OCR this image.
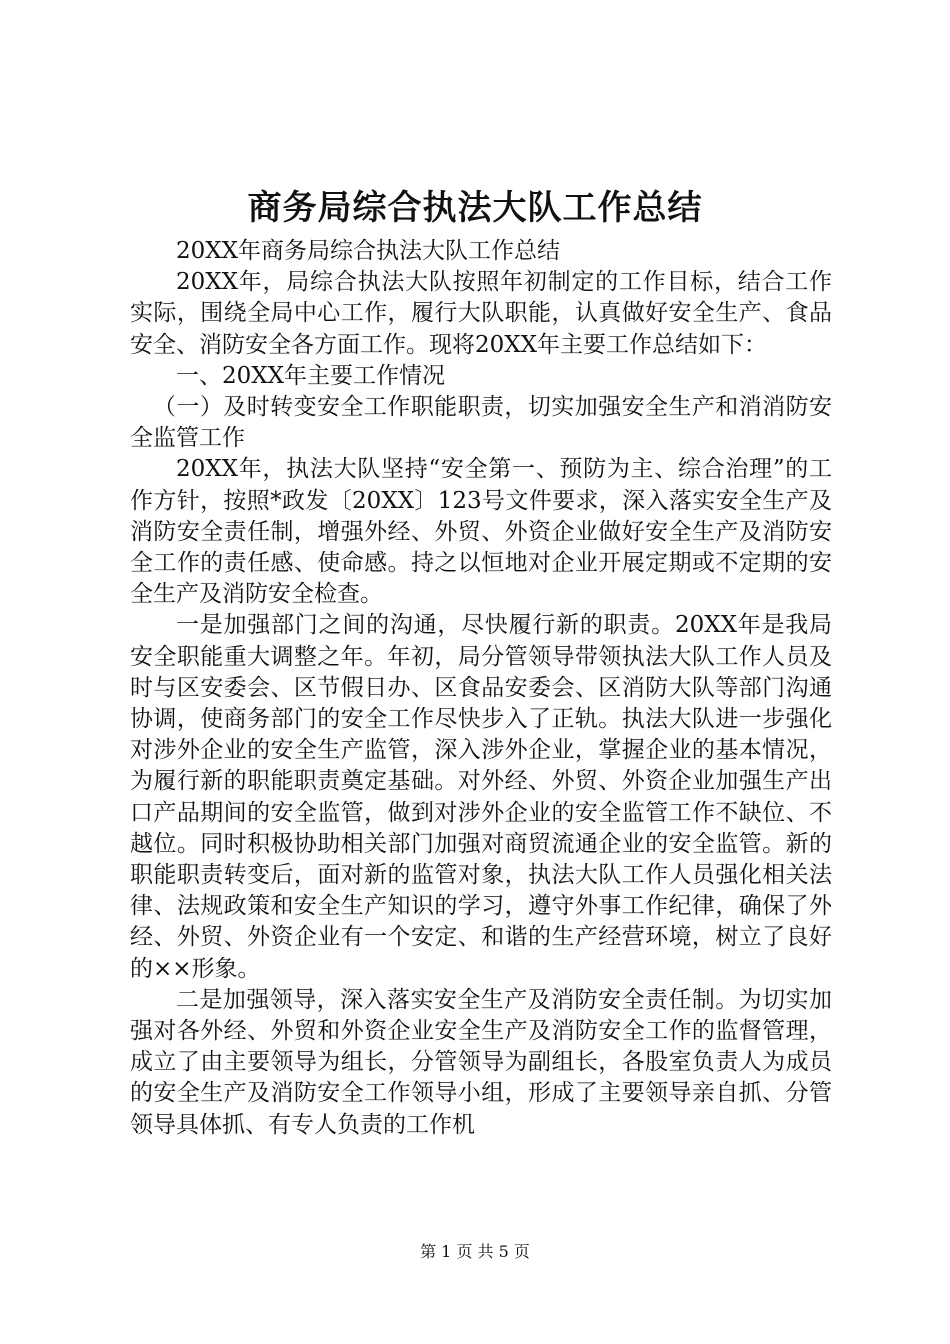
商务局综合执法大队工作总结

20XX年商务局综合执法大队工作总结

20XX年，局综合执法大队按照年初制定的工作目标，结合工作实际，围绕全局中心工作，履行大队职能，认真做好安全生产、食品安全、消防安全各方面工作。现将20XX年主要工作总结如下：

一、20XX年主要工作情况

（一）及时转变安全工作职能职责，切实加强安全生产和消消防安全监管工作

20XX年，执法大队坚持“安全第一、预防为主、综合治理”的工作方针，按照*政发〔20XX〕123号文件要求，深入落实安全生产及消防安全责任制，增强外经、外贸、外资企业做好安全生产及消防安全工作的责任感、使命感。持之以恒地对企业开展定期或不定期的安全生产及消防安全检查。

一是加强部门之间的沟通，尽快履行新的职责。20XX年是我局安全职能重大调整之年。年初，局分管领导带领执法大队工作人员及时与区安委会、区节假日办、区食品安委会、区消防大队等部门沟通协调，使商务部门的安全工作尽快步入了正轨。执法大队进一步强化对涉外企业的安全生产监管，深入涉外企业，掌握企业的基本情况，为履行新的职能职责奠定基础。对外经、外贸、外资企业加强生产出口产品期间的安全监管，做到对涉外企业的安全监管工作不缺位、不越位。同时积极协助相关部门加强对商贸流通企业的安全监管。新的职能职责转变后，面对新的监管对象，执法大队工作人员强化相关法律、法规政策和安全生产知识的学习，遵守外事工作纪律，确保了外经、外贸、外资企业有一个安定、和谐的生产经营环境，树立了良好的××形象。

二是加强领导，深入落实安全生产及消防安全责任制。为切实加强对各外经、外贸和外资企业安全生产及消防安全工作的监督管理，成立了由主要领导为组长，分管领导为副组长，各股室负责人为成员的安全生产及消防安全工作领导小组，形成了主要领导亲自抓、分管领导具体抓、有专人负责的工作机

第 1 页 共 5 页
